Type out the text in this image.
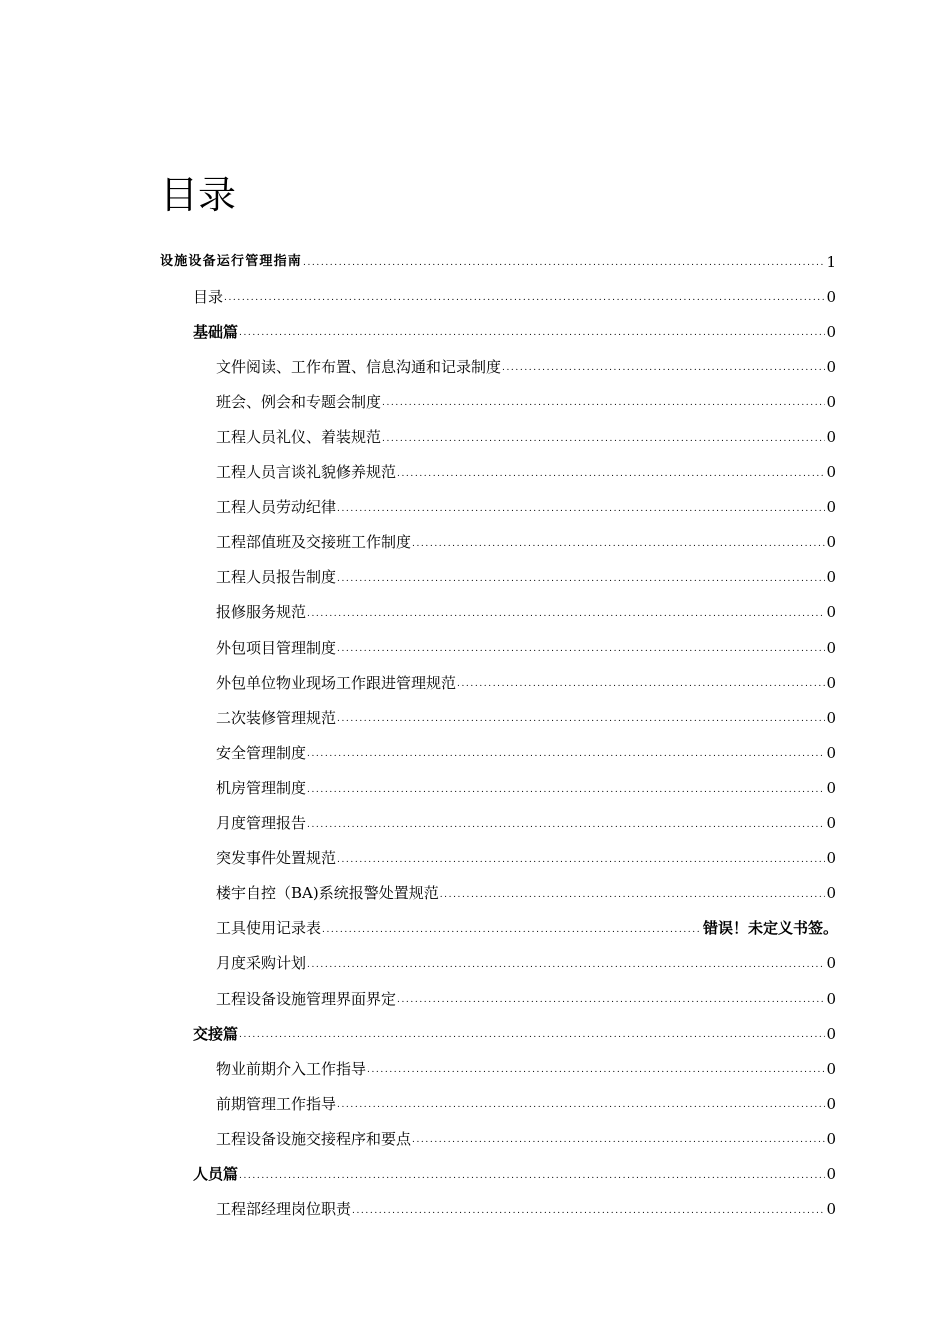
目录
设施设备运行管理指南 .....	1
目录 .....	0
基础篇 .....	0
文件阅读、工作布置、信息沟通和记录制度 .....	0
班会、例会和专题会制度 .....	0
工程人员礼仪、着装规范 .....	0
工程人员言谈礼貌修养规范 .....	0
工程人员劳动纪律 .....	0
工程部值班及交接班工作制度 .....	0
工程人员报告制度 .....	0
报修服务规范 .....	0
外包项目管理制度 .....	0
外包单位物业现场工作跟进管理规范 .....	0
二次装修管理规范 .....	0
安全管理制度 .....	0
机房管理制度 .....	0
月度管理报告 .....	0
突发事件处置规范 .....	0
楼宇自控（BA)系统报警处置规范 .....	0
工具使用记录表 .....	错误！未定义书签。
月度采购计划 .....	0
工程设备设施管理界面界定 .....	0
交接篇 .....	0
物业前期介入工作指导 .....	0
前期管理工作指导 .....	0
工程设备设施交接程序和要点 .....	0
人员篇 .....	0
工程部经理岗位职责 .....	0
